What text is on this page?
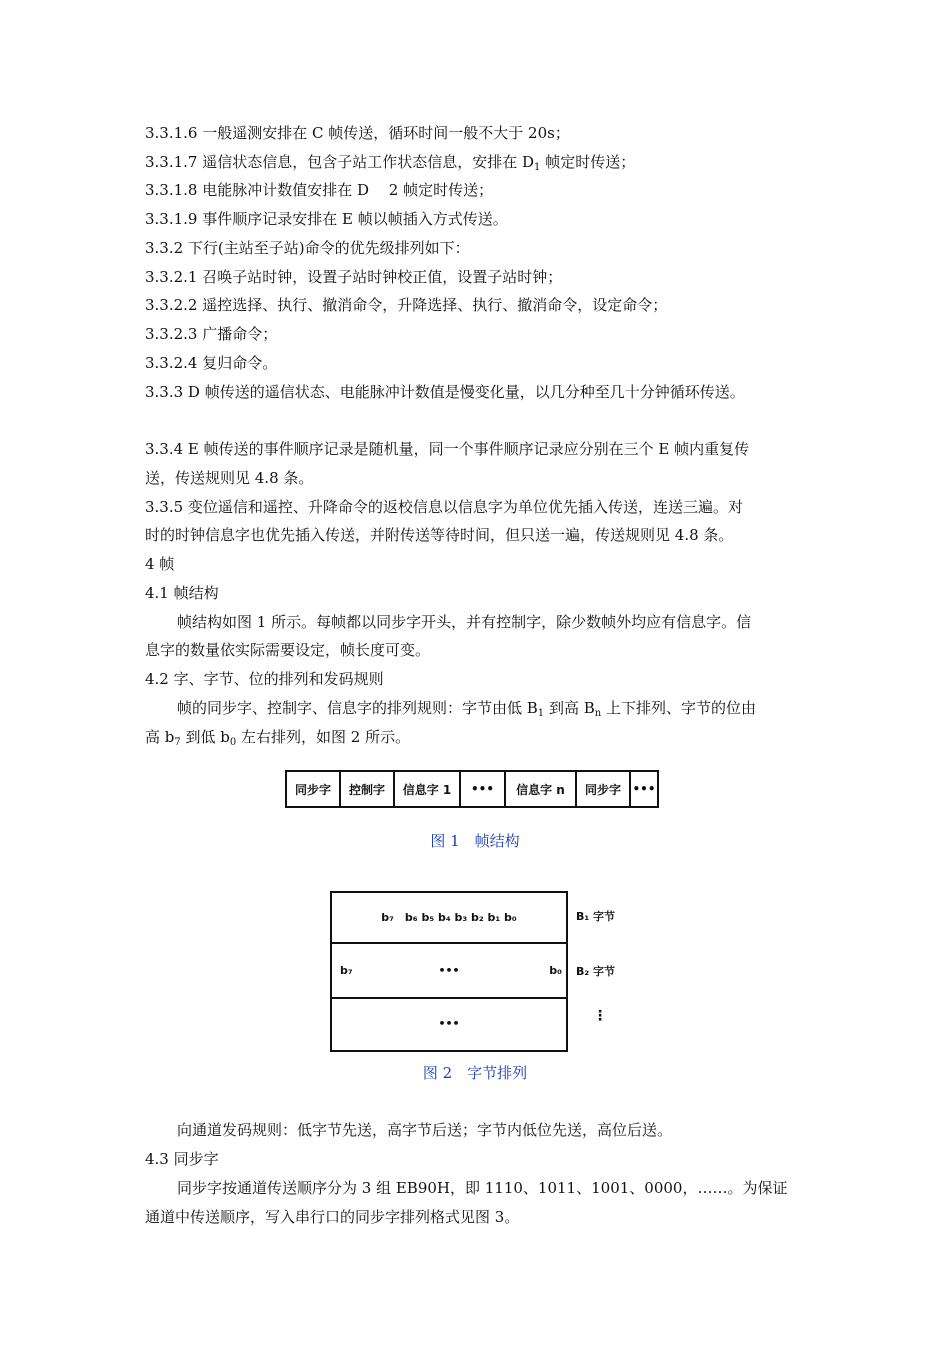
3.3.1.6 一般遥测安排在 C 帧传送，循环时间一般不大于 20s；
3.3.1.7 遥信状态信息，包含子站工作状态信息，安排在 $D_1$ 帧定时传送；
3.3.1.8 电能脉冲计数值安排在 D　 2 帧定时传送；
3.3.1.9 事件顺序记录安排在 E 帧以帧插入方式传送。
3.3.2 下行(主站至子站)命令的优先级排列如下：
3.3.2.1 召唤子站时钟，设置子站时钟校正值，设置子站时钟；
3.3.2.2 遥控选择、执行、撤消命令，升降选择、执行、撤消命令，设定命令；
3.3.2.3 广播命令；
3.3.2.4 复归命令。
3.3.3 D 帧传送的遥信状态、电能脉冲计数值是慢变化量，以几分种至几十分钟循环传送。
3.3.4 E 帧传送的事件顺序记录是随机量，同一个事件顺序记录应分别在三个 E 帧内重复传
送，传送规则见 4.8 条。
3.3.5 变位遥信和遥控、升降命令的返校信息以信息字为单位优先插入传送，连送三遍。对
时的时钟信息字也优先插入传送，并附传送等待时间，但只送一遍，传送规则见 4.8 条。
4 帧
4.1 帧结构
帧结构如图 1 所示。每帧都以同步字开头，并有控制字，除少数帧外均应有信息字。信
息字的数量依实际需要设定，帧长度可变。
4.2 字、字节、位的排列和发码规则
帧的同步字、控制字、信息字的排列规则：字节由低 $B_1$ 到高 $B_n$ 上下排列、字节的位由
高 $b_7$ 到低 $b_0$ 左右排列，如图 2 所示。
同步字	控制字	信息字 1	•••	信息字 n	同步字 •••
图 1　帧结构
b₇　b₆ b₅ b₄ b₃ b₂ b₁ b₀
b₇	•••	b₀
•••
B₁ 字节
B₂ 字节
⋮
图 2　字节排列
向通道发码规则：低字节先送，高字节后送；字节内低位先送，高位后送。
4.3 同步字
同步字按通道传送顺序分为 3 组 EB90H，即 1110、1011、1001、0000，……。为保证
通道中传送顺序，写入串行口的同步字排列格式见图 3。
